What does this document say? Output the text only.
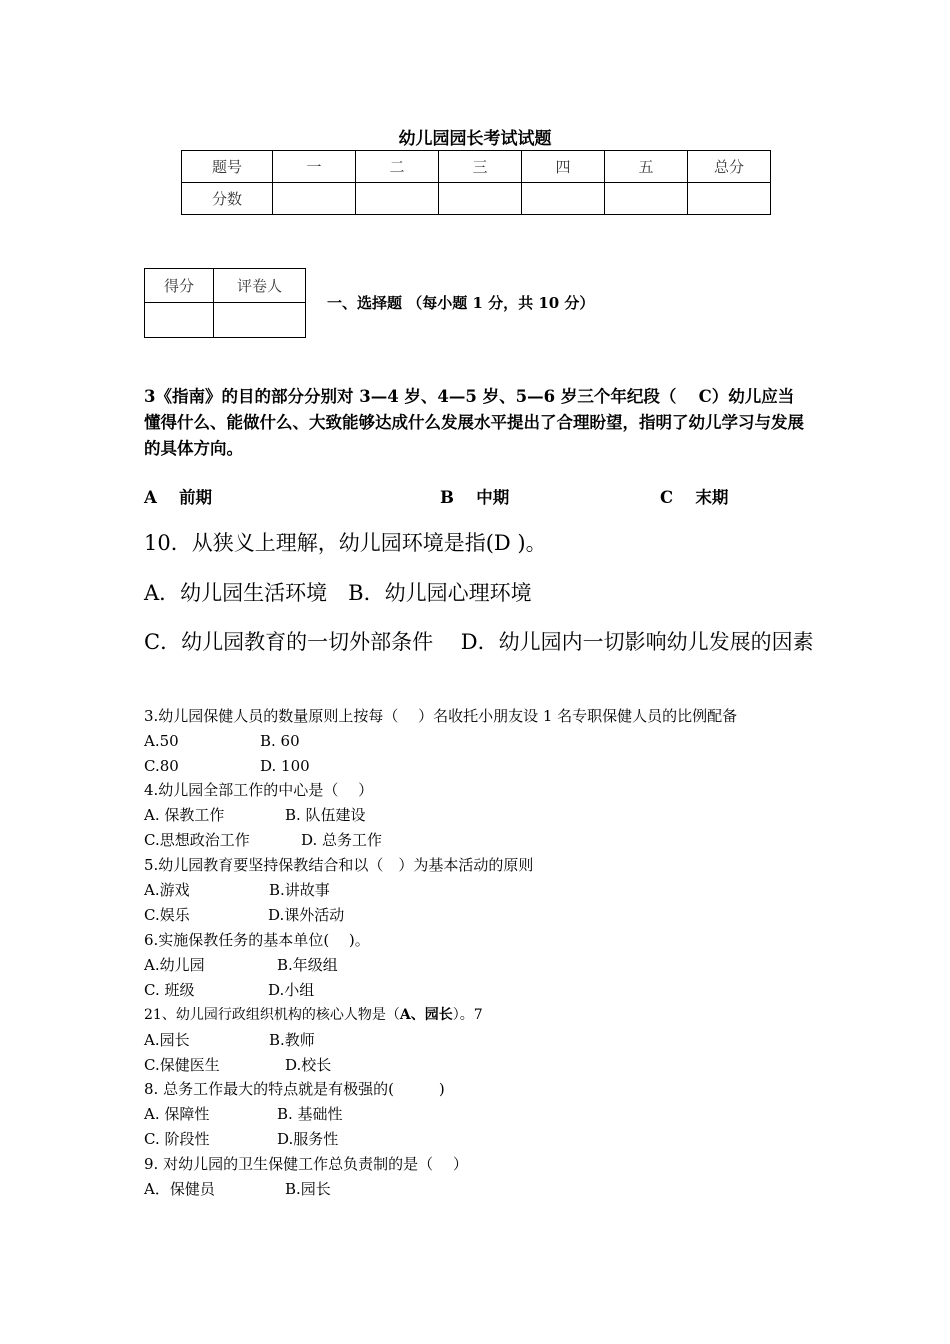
幼儿园园长考试试题
题号	一	二	三	四	五	总分
分数						
得分	评卷人

一、选择题 （每小题 1 分，共 10 分）
3《指南》的目的部分分别对 3—4 岁、4—5 岁、5—6 岁三个年纪段（　 C）幼儿应当懂得什么、能做什么、大致能够达成什么发展水平提出了合理盼望，指明了幼儿学习与发展的具体方向。
A　 前期	B　 中期	C　 末期
10．从狭义上理解，幼儿园环境是指(D )。
A．幼儿园生活环境　B．幼儿园心理环境
C．幼儿园教育的一切外部条件　 D．幼儿园内一切影响幼儿发展的因素
3.幼儿园保健人员的数量原则上按每（　 ）名收托小朋友设 1 名专职保健人员的比例配备
A.50	B. 60
C.80	D. 100
4.幼儿园全部工作的中心是（　 ）
A. 保教工作	B. 队伍建设
C.思想政治工作	D. 总务工作
5.幼儿园教育要坚持保教结合和以（　）为基本活动的原则
A.游戏	B.讲故事
C.娱乐	D.课外活动
6.实施保教任务的基本单位(　 )。
A.幼儿园	B.年级组
C. 班级	D.小组
21、幼儿园行政组织机构的核心人物是（A、园长）。7
A.园长	B.教师
C.保健医生	D.校长
8. 总务工作最大的特点就是有极强的(　　　)
A. 保障性	B. 基础性
C. 阶段性	D.服务性
9. 对幼儿园的卫生保健工作总负责制的是（　 ）
A．保健员	B.园长
